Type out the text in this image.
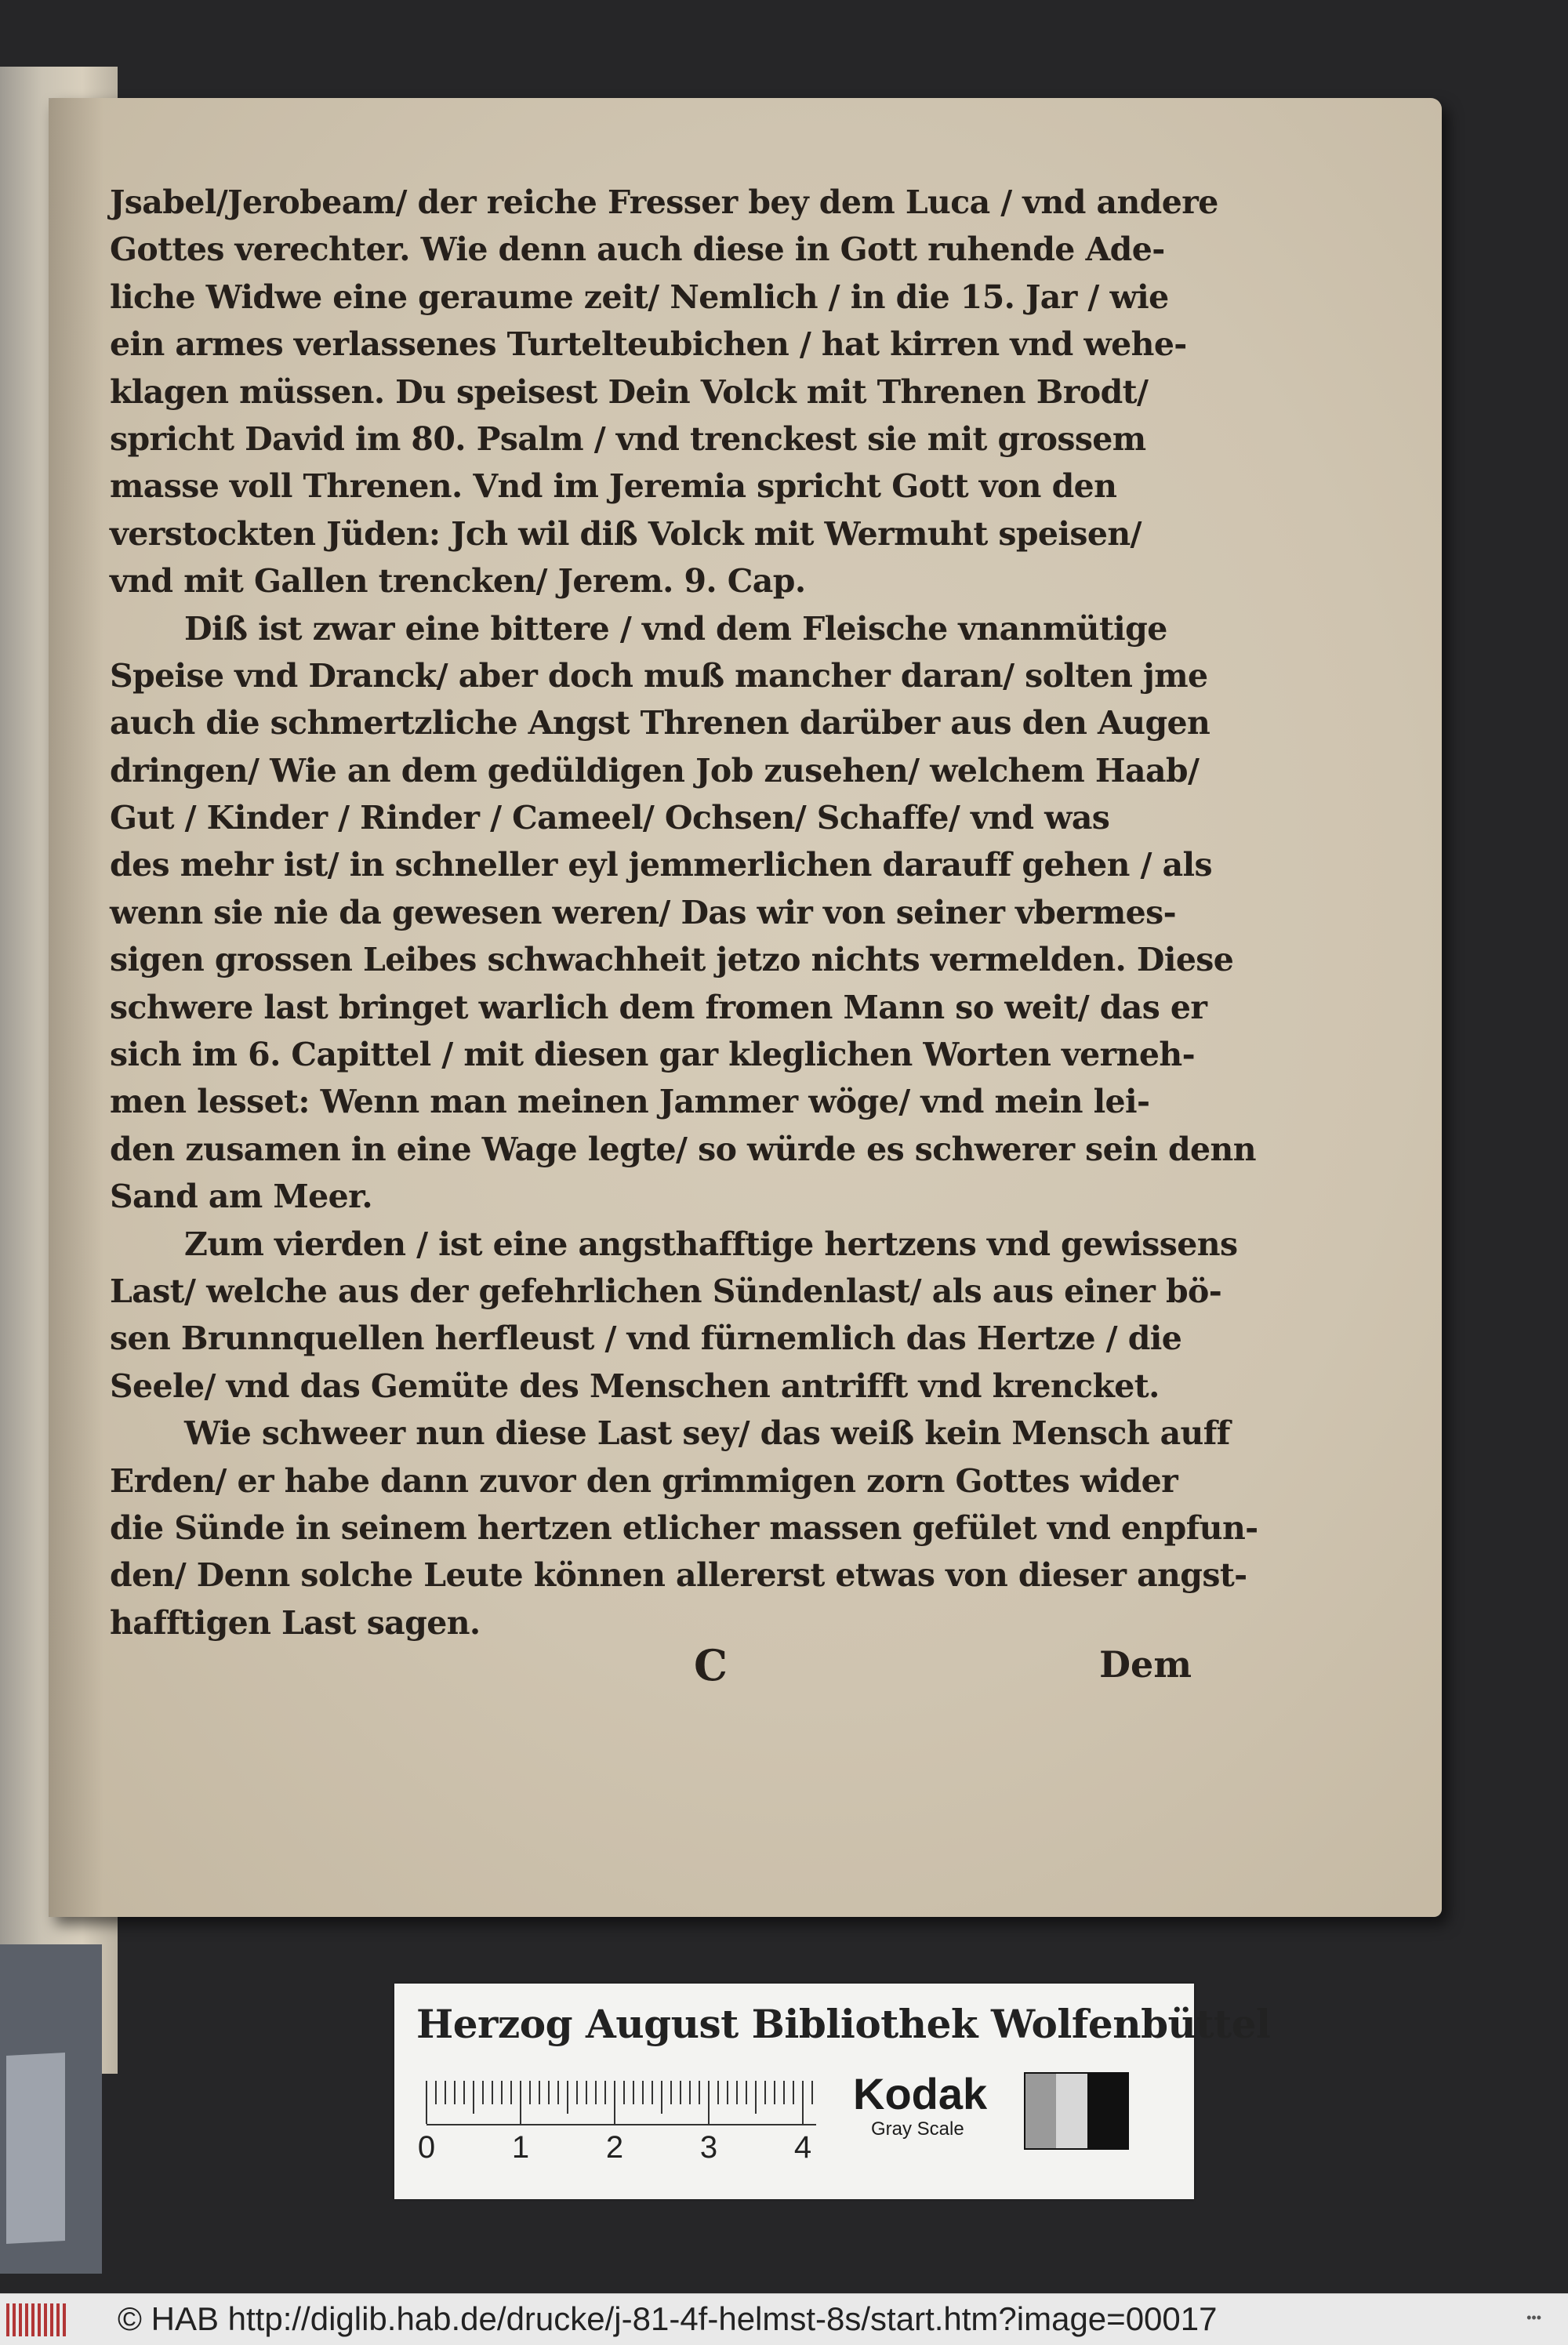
Jsabel/Jerobeam/ der reiche Fresser bey dem Luca / vnd andere
Gottes verechter. Wie denn auch diese in Gott ruhende Ade-
liche Widwe eine geraume zeit/ Nemlich / in die 15. Jar / wie
ein armes verlassenes Turtelteubichen / hat kirren vnd wehe-
klagen müssen. Du speisest Dein Volck mit Threnen Brodt/
spricht David im 80. Psalm / vnd trenckest sie mit grossem
masse voll Threnen. Vnd im Jeremia spricht Gott von den
verstockten Jüden: Jch wil diß Volck mit Wermuht speisen/
vnd mit Gallen trencken/ Jerem. 9. Cap.
Diß ist zwar eine bittere / vnd dem Fleische vnanmütige
Speise vnd Dranck/ aber doch muß mancher daran/ solten jme
auch die schmertzliche Angst Threnen darüber aus den Augen
dringen/ Wie an dem gedüldigen Job zusehen/ welchem Haab/
Gut / Kinder / Rinder / Cameel/ Ochsen/ Schaffe/ vnd was
des mehr ist/ in schneller eyl jemmerlichen darauff gehen / als
wenn sie nie da gewesen weren/ Das wir von seiner vbermes-
sigen grossen Leibes schwachheit jetzo nichts vermelden. Diese
schwere last bringet warlich dem fromen Mann so weit/ das er
sich im 6. Capittel / mit diesen gar kleglichen Worten verneh-
men lesset: Wenn man meinen Jammer wöge/ vnd mein lei-
den zusamen in eine Wage legte/ so würde es schwerer sein denn
Sand am Meer.
Zum vierden / ist eine angsthafftige hertzens vnd gewissens
Last/ welche aus der gefehrlichen Sündenlast/ als aus einer bö-
sen Brunnquellen herfleust / vnd fürnemlich das Hertze / die
Seele/ vnd das Gemüte des Menschen antrifft vnd krencket.
Wie schweer nun diese Last sey/ das weiß kein Mensch auff
Erden/ er habe dann zuvor den grimmigen zorn Gottes wider
die Sünde in seinem hertzen etlicher massen gefület vnd enpfun-
den/ Denn solche Leute können allererst etwas von dieser angst-
hafftigen Last sagen.
C	Dem
Herzog August Bibliothek Wolfenbüttel
0 1 2 3 4
Kodak
Gray Scale
© HAB http://diglib.hab.de/drucke/j-81-4f-helmst-8s/start.htm?image=00017	•••
